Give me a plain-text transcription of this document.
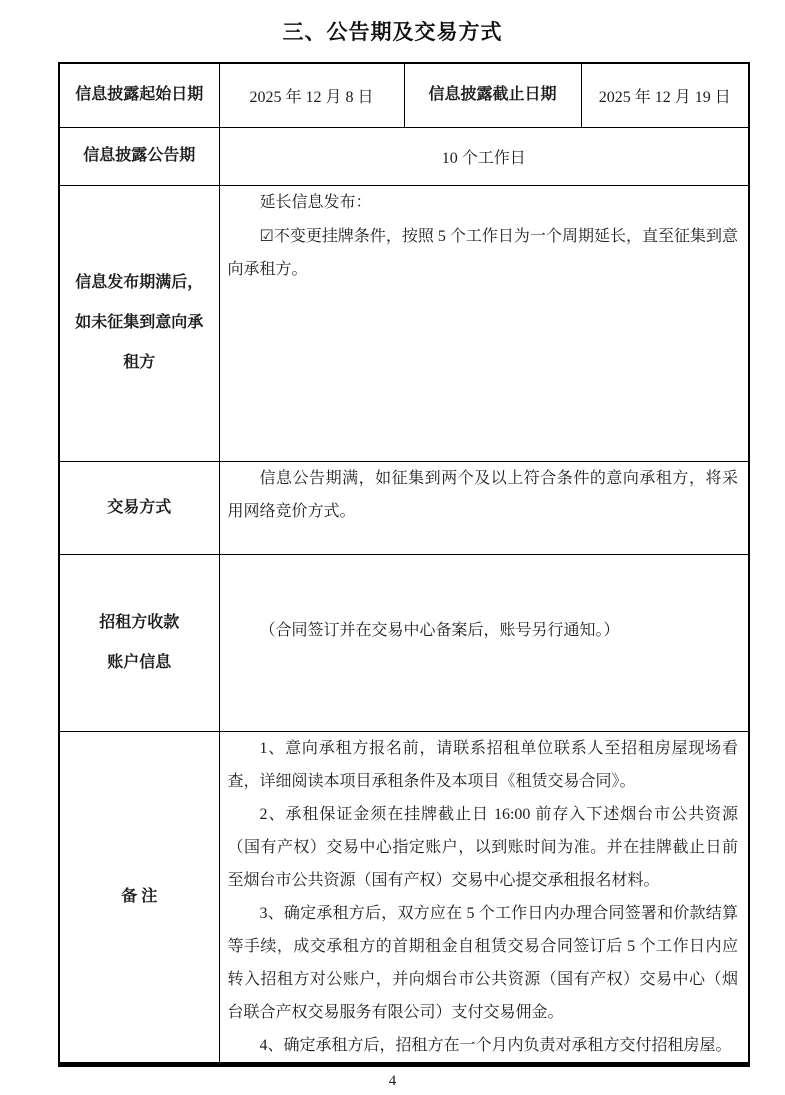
三、公告期及交易方式
信息披露起始日期	2025 年 12 月 8 日	信息披露截止日期	2025 年 12 月 19 日
信息披露公告期	10 个工作日		
信息发布期满后，如未征集到意向承租方	延长信息发布：

☑不变更挂牌条件，按照 5 个工作日为一个周期延长，直至征集到意向承租方。		

交易方式	信息公告期满，如征集到两个及以上符合条件的意向承租方，将采用网络竞价方式。		

招租方收款
账户信息	（合同签订并在交易中心备案后，账号另行通知。）		

备 注	1、意向承租方报名前，请联系招租单位联系人至招租房屋现场看查，详细阅读本项目承租条件及本项目《租赁交易合同》。

2、承租保证金须在挂牌截止日 16:00 前存入下述烟台市公共资源（国有产权）交易中心指定账户，以到账时间为准。并在挂牌截止日前至烟台市公共资源（国有产权）交易中心提交承租报名材料。

3、确定承租方后，双方应在 5 个工作日内办理合同签署和价款结算等手续，成交承租方的首期租金自租赁交易合同签订后 5 个工作日内应转入招租方对公账户，并向烟台市公共资源（国有产权）交易中心（烟台联合产权交易服务有限公司）支付交易佣金。

4、确定承租方后，招租方在一个月内负责对承租方交付招租房屋。		

4
